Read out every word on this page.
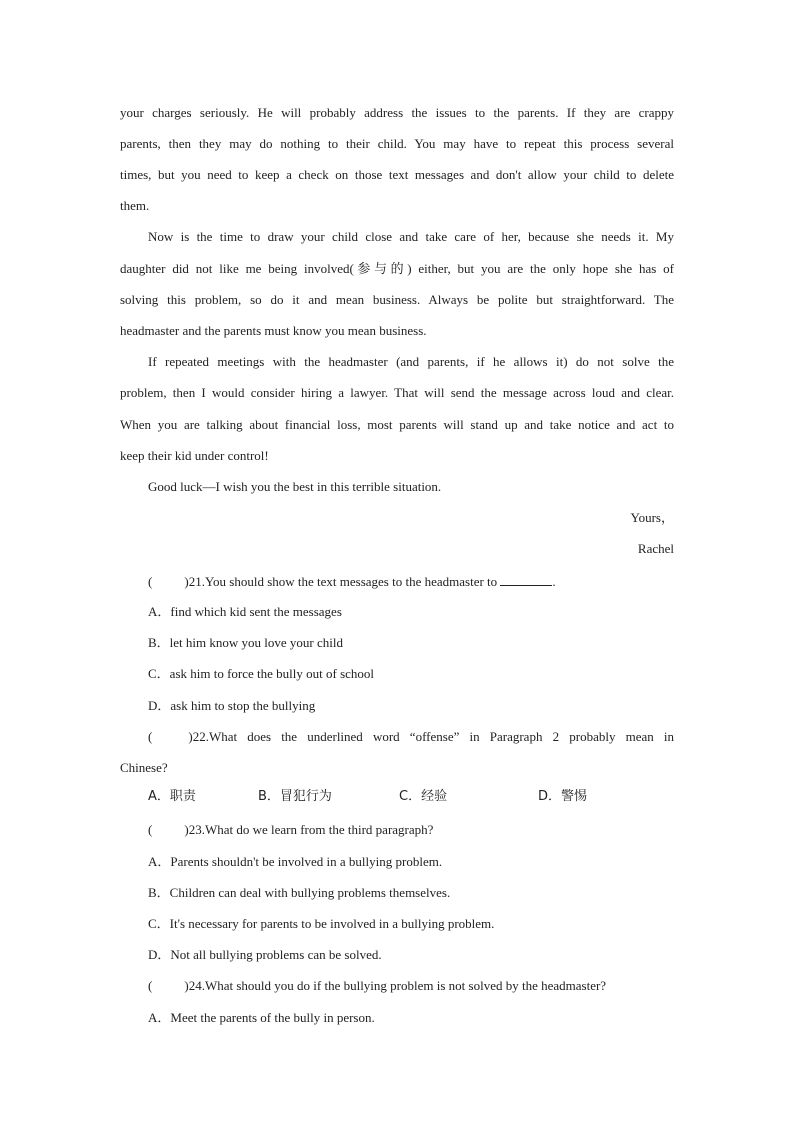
your charges seriously. He will probably address the issues to the parents. If they are crappy
parents, then they may do nothing to their child. You may have to repeat this process several
times, but you need to keep a check on those text messages and don't allow your child to delete
them.
Now is the time to draw your child close and take care of her, because she needs it. My
daughter did not like me being involved(参与的) either, but you are the only hope she has of
solving this problem, so do it and mean business. Always be polite but straightforward. The
headmaster and the parents must know you mean business.
If repeated meetings with the headmaster (and parents, if he allows it) do not solve the
problem, then I would consider hiring a lawyer. That will send the message across loud and clear.
When you are talking about financial loss, most parents will stand up and take notice and act to
keep their kid under control!
Good luck—I wish you the best in this terrible situation.
Yours，
Rachel
( )21.You should show the text messages to the headmaster to	.
A．find which kid sent the messages
B．let him know you love your child
C．ask him to force the bully out of school
D．ask him to stop the bullying
(	) 22.What does the underlined word “offense” in Paragraph 2 probably mean in
Chinese?
A．职责	B．冒犯行为	C．经验	D．警惕
( )23.What do we learn from the third paragraph?
A．Parents shouldn't be involved in a bullying problem.
B．Children can deal with bullying problems themselves.
C．It's necessary for parents to be involved in a bullying problem.
D．Not all bullying problems can be solved.
( )24.What should you do if the bullying problem is not solved by the headmaster?
A．Meet the parents of the bully in person.
